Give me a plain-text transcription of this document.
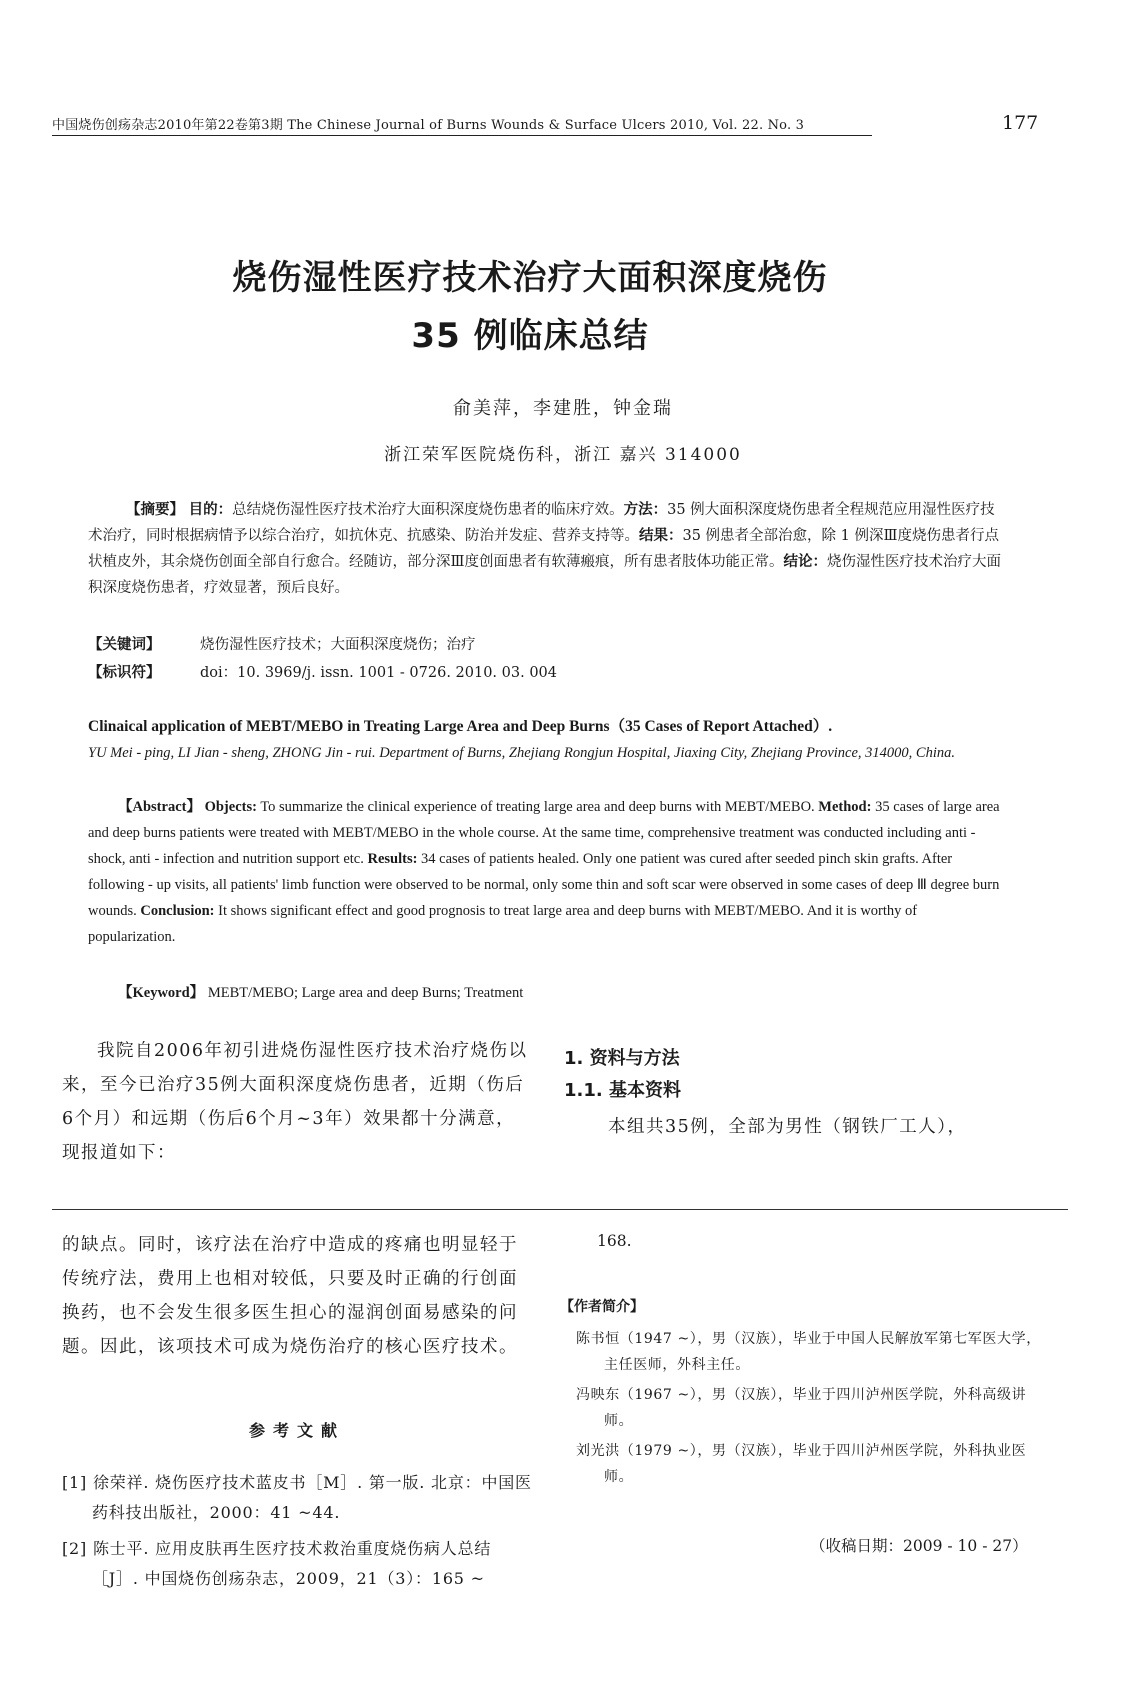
中国烧伤创疡杂志2010年第22卷第3期 The Chinese Journal of Burns Wounds & Surface Ulcers 2010, Vol. 22. No. 3	177
烧伤湿性医疗技术治疗大面积深度烧伤
35 例临床总结
俞美萍，李建胜，钟金瑞
浙江荣军医院烧伤科，浙江 嘉兴 314000
【摘要】 目的：总结烧伤湿性医疗技术治疗大面积深度烧伤患者的临床疗效。方法：35 例大面积深度烧伤患者全程规范应用湿性医疗技术治疗，同时根据病情予以综合治疗，如抗休克、抗感染、防治并发症、营养支持等。结果：35 例患者全部治愈，除 1 例深Ⅲ度烧伤患者行点状植皮外，其余烧伤创面全部自行愈合。经随访，部分深Ⅲ度创面患者有软薄瘢痕，所有患者肢体功能正常。结论：烧伤湿性医疗技术治疗大面积深度烧伤患者，疗效显著，预后良好。
【关键词】	烧伤湿性医疗技术；大面积深度烧伤；治疗
【标识符】	doi：10. 3969/j. issn. 1001 - 0726. 2010. 03. 004
Clinaical application of MEBT/MEBO in Treating Large Area and Deep Burns（35 Cases of Report Attached）.
YU Mei - ping, LI Jian - sheng, ZHONG Jin - rui. Department of Burns, Zhejiang Rongjun Hospital, Jiaxing City, Zhejiang Province, 314000, China.
【Abstract】 Objects: To summarize the clinical experience of treating large area and deep burns with MEBT/MEBO. Method: 35 cases of large area and deep burns patients were treated with MEBT/MEBO in the whole course. At the same time, comprehensive treatment was conducted including anti - shock, anti - infection and nutrition support etc. Results: 34 cases of patients healed. Only one patient was cured after seeded pinch skin grafts. After following - up visits, all patients' limb function were observed to be normal, only some thin and soft scar were observed in some cases of deep Ⅲ degree burn wounds. Conclusion: It shows significant effect and good prognosis to treat large area and deep burns with MEBT/MEBO. And it is worthy of popularization.
【Keyword】 MEBT/MEBO; Large area and deep Burns; Treatment
我院自2006年初引进烧伤湿性医疗技术治疗烧伤以来，至今已治疗35例大面积深度烧伤患者，近期（伤后6个月）和远期（伤后6个月~3年）效果都十分满意，现报道如下：
1. 资料与方法
1.1. 基本资料
本组共35例，全部为男性（钢铁厂工人），
的缺点。同时，该疗法在治疗中造成的疼痛也明显轻于传统疗法，费用上也相对较低，只要及时正确的行创面换药，也不会发生很多医生担心的湿润创面易感染的问题。因此，该项技术可成为烧伤治疗的核心医疗技术。
参考文献
[1] 徐荣祥. 烧伤医疗技术蓝皮书［M］. 第一版. 北京：中国医药科技出版社，2000：41 ~44.
[2] 陈士平. 应用皮肤再生医疗技术救治重度烧伤病人总结［J］. 中国烧伤创疡杂志，2009，21（3）：165 ~
168.
【作者简介】
陈书恒（1947 ~），男（汉族），毕业于中国人民解放军第七军医大学，主任医师，外科主任。
冯映东（1967 ~），男（汉族），毕业于四川泸州医学院，外科高级讲师。
刘光洪（1979 ~），男（汉族），毕业于四川泸州医学院，外科执业医师。
（收稿日期：2009 - 10 - 27）
